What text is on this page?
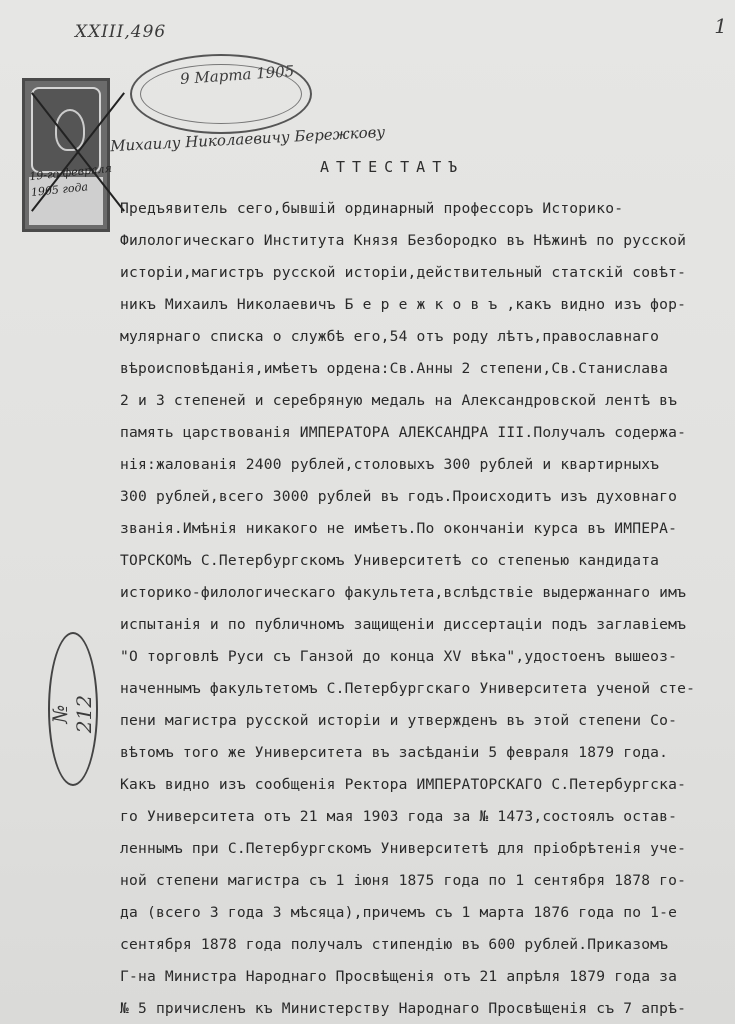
XXIII,496	1
19-го февраля 1905 года
9 Марта 1905
Михаилу Николаевичу Бережкову
АТТЕСТАТЪ
№ 212
Предъявитель сего,бывшій ординарный профессоръ Историко-
Филологическаго Института Князя Безбородко въ Нѣжинѣ по русской
исторіи,магистръ русской исторіи,действительный статскій совѣт-
никъ Михаилъ Николаевичъ Б е р е ж к о в ъ ,какъ видно изъ фор-
мулярнаго списка о службѣ его,54 отъ роду лѣтъ,православнаго
вѣроисповѣданія,имѣетъ ордена:Св.Анны 2 степени,Св.Станислава
2 и 3 степеней и серебряную медаль на Александровской лентѣ въ
память царствованія ИМПЕРАТОРА АЛЕКСАНДРА III.Получалъ содержа-
нія:жалованія 2400 рублей,столовыхъ 300 рублей и квартирныхъ
300 рублей,всего 3000 рублей въ годъ.Происходитъ изъ духовнаго
званія.Имѣнія никакого не имѣетъ.По окончаніи курса въ ИМПЕРА-
ТОРСКОМъ С.Петербургскомъ Университетѣ со степенью кандидата
историко-филологическаго факультета,вслѣдствіе выдержаннаго имъ
испытанія и по публичномъ защищеніи диссертаціи подъ заглавіемъ
"О торговлѣ Руси съ Ганзой до конца XV вѣка",удостоенъ вышеоз-
наченнымъ факультетомъ С.Петербургскаго Университета ученой сте-
пени магистра русской исторіи и утвержденъ въ этой степени Со-
вѣтомъ того же Университета въ засѣданіи 5 февраля 1879 года.
Какъ видно изъ сообщенія Ректора ИМПЕРАТОРСКАГО С.Петербургска-
го Университета отъ 21 мая 1903 года за № 1473,состоялъ остав-
леннымъ при С.Петербургскомъ Университетѣ для пріобрѣтенія уче-
ной степени магистра съ 1 іюня 1875 года по 1 сентября 1878 го-
да (всего 3 года 3 мѣсяца),причемъ съ 1 марта 1876 года по 1-е
сентября 1878 года получалъ стипендію въ 600 рублей.Приказомъ
Г-на Министра Народнаго Просвѣщенія отъ 21 апрѣля 1879 года за
№ 5 причисленъ къ Министерству Народнаго Просвѣщенія съ 7 апрѣ-
